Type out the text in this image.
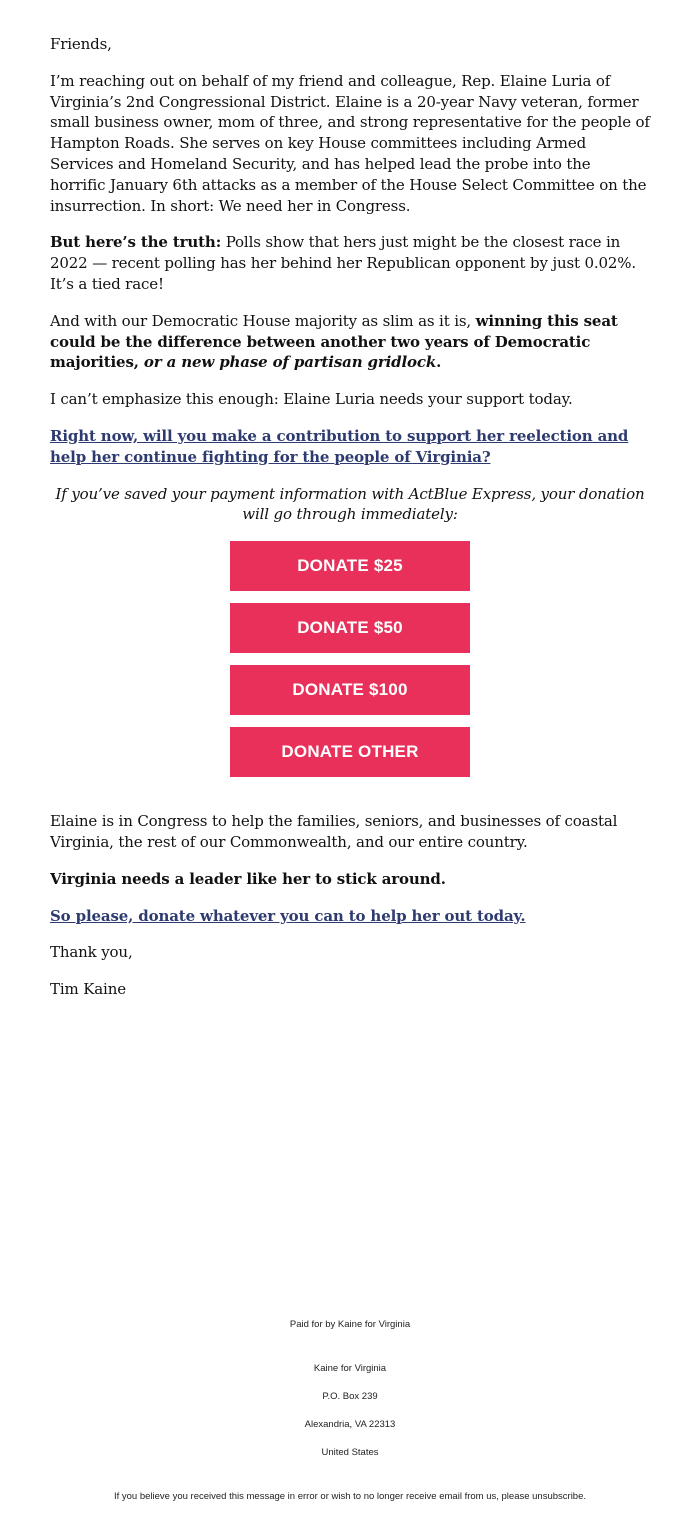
Friends,

I’m reaching out on behalf of my friend and colleague, Rep. Elaine Luria of Virginia’s 2nd Congressional District. Elaine is a 20-year Navy veteran, former small business owner, mom of three, and strong representative for the people of Hampton Roads. She serves on key House committees including Armed Services and Homeland Security, and has helped lead the probe into the horrific January 6th attacks as a member of the House Select Committee on the insurrection. In short: We need her in Congress.

But here’s the truth: Polls show that hers just might be the closest race in 2022 — recent polling has her behind her Republican opponent by just 0.02%. It’s a tied race!

And with our Democratic House majority as slim as it is, winning this seat could be the difference between another two years of Democratic majorities, or a new phase of partisan gridlock.

I can’t emphasize this enough: Elaine Luria needs your support today.

Right now, will you make a contribution to support her reelection and help her continue fighting for the people of Virginia?

If you’ve saved your payment information with ActBlue Express, your donation will go through immediately:

DONATE $25
DONATE $50
DONATE $100
DONATE OTHER

Elaine is in Congress to help the families, seniors, and businesses of coastal Virginia, the rest of our Commonwealth, and our entire country.

Virginia needs a leader like her to stick around.

So please, donate whatever you can to help her out today.

Thank you,

Tim Kaine

Paid for by Kaine for Virginia
Kaine for Virginia
P.O. Box 239
Alexandria, VA 22313
United States
If you believe you received this message in error or wish to no longer receive email from us, please unsubscribe.
